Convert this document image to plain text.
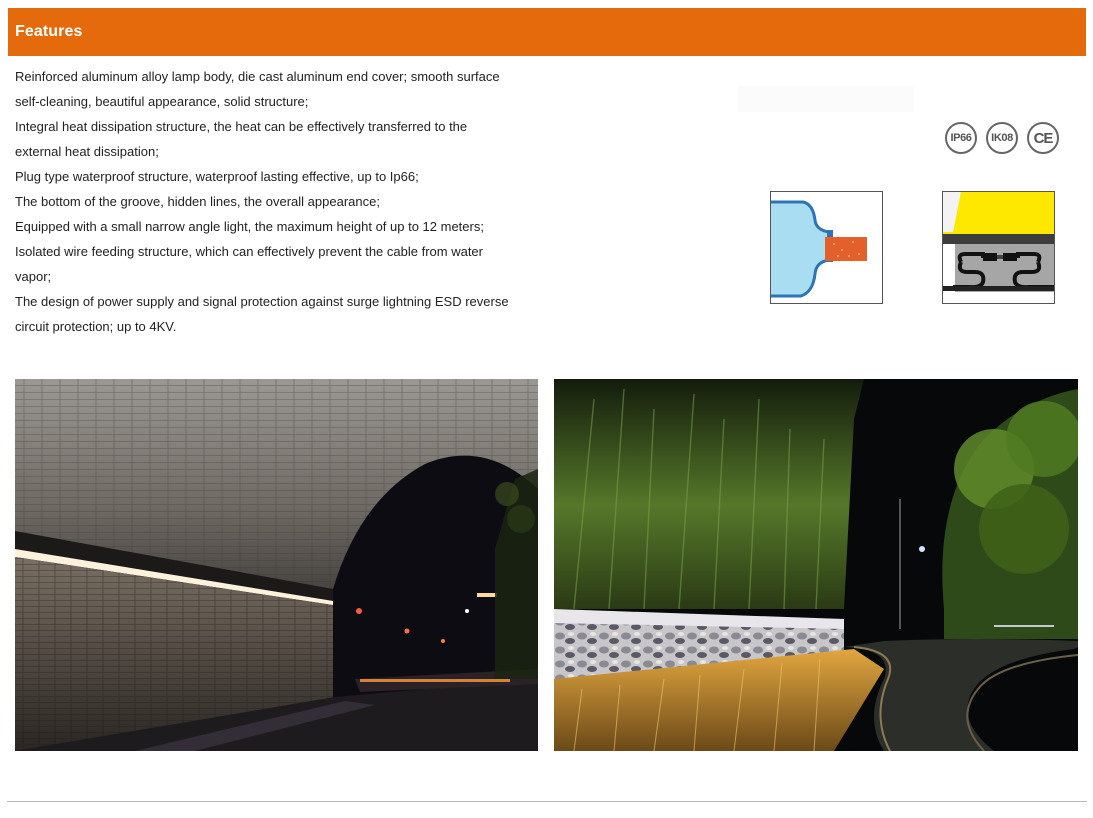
Features
Reinforced aluminum alloy lamp body, die cast aluminum end cover; smooth surface
self-cleaning, beautiful appearance, solid structure;
Integral heat dissipation structure, the heat can be effectively transferred to the
external heat dissipation;
Plug type waterproof structure, waterproof lasting effective, up to Ip66;
The bottom of the groove, hidden lines, the overall appearance;
Equipped with a small narrow angle light, the maximum height of up to 12 meters;
Isolated wire feeding structure, which can effectively prevent the cable from water
vapor;
The design of power supply and signal protection against surge lightning ESD reverse
circuit protection; up to 4KV.
IP66	IK08	CE
